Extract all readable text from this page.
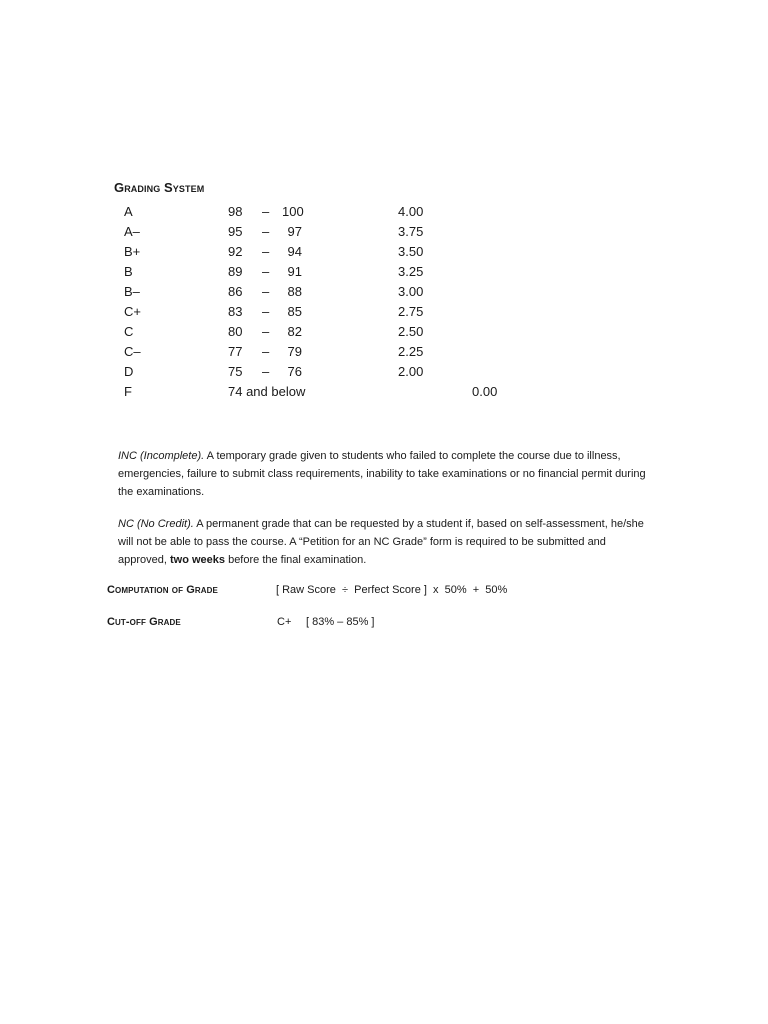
Grading System
A	98 – 100	4.00
A–	95 –	97	3.75
B+	92 –	94	3.50
B	89 –	91	3.25
B–	86 –	88	3.00
C+	83 –	85	2.75
C	80 –	82	2.50
C–	77 –	79	2.25
D	75 –	76	2.00
F	74 and below	0.00
INC (Incomplete). A temporary grade given to students who failed to complete the course due to illness, emergencies, failure to submit class requirements, inability to take examinations or no financial permit during the examinations.
NC (No Credit). A permanent grade that can be requested by a student if, based on self-assessment, he/she will not be able to pass the course. A “Petition for an NC Grade” form is required to be submitted and approved, two weeks before the final examination.
Computation of Grade	[ Raw Score  ÷  Perfect Score ]  x  50%  +  50%
Cut-off Grade	C+ [ 83% – 85% ]
